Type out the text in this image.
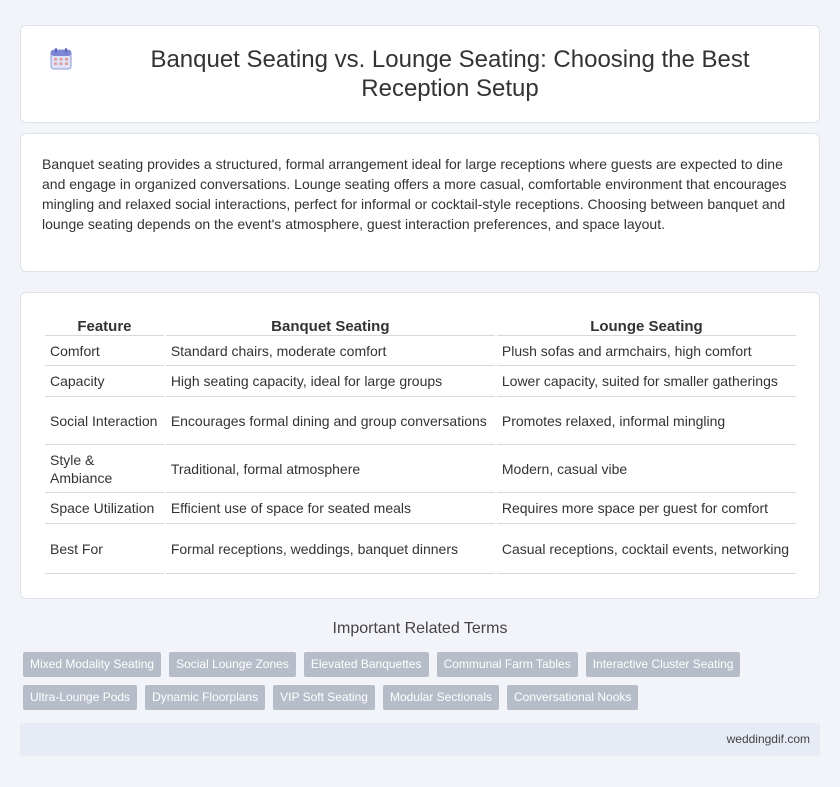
Banquet Seating vs. Lounge Seating: Choosing the Best Reception Setup

Banquet seating provides a structured, formal arrangement ideal for large receptions where guests are expected to dine and engage in organized conversations. Lounge seating offers a more casual, comfortable environment that encourages mingling and relaxed social interactions, perfect for informal or cocktail-style receptions. Choosing between banquet and lounge seating depends on the event's atmosphere, guest interaction preferences, and space layout.

Feature	Banquet Seating	Lounge Seating
Comfort	Standard chairs, moderate comfort	Plush sofas and armchairs, high comfort
Capacity	High seating capacity, ideal for large groups	Lower capacity, suited for smaller gatherings
Social Interaction	Encourages formal dining and group conversations	Promotes relaxed, informal mingling
Style & Ambiance	Traditional, formal atmosphere	Modern, casual vibe
Space Utilization	Efficient use of space for seated meals	Requires more space per guest for comfort
Best For	Formal receptions, weddings, banquet dinners	Casual receptions, cocktail events, networking
Important Related Terms
Mixed Modality Seating	Social Lounge Zones	Elevated Banquettes	Communal Farm Tables	Interactive Cluster Seating
Ultra-Lounge Pods	Dynamic Floorplans	VIP Soft Seating	Modular Sectionals	Conversational Nooks
weddingdif.com
